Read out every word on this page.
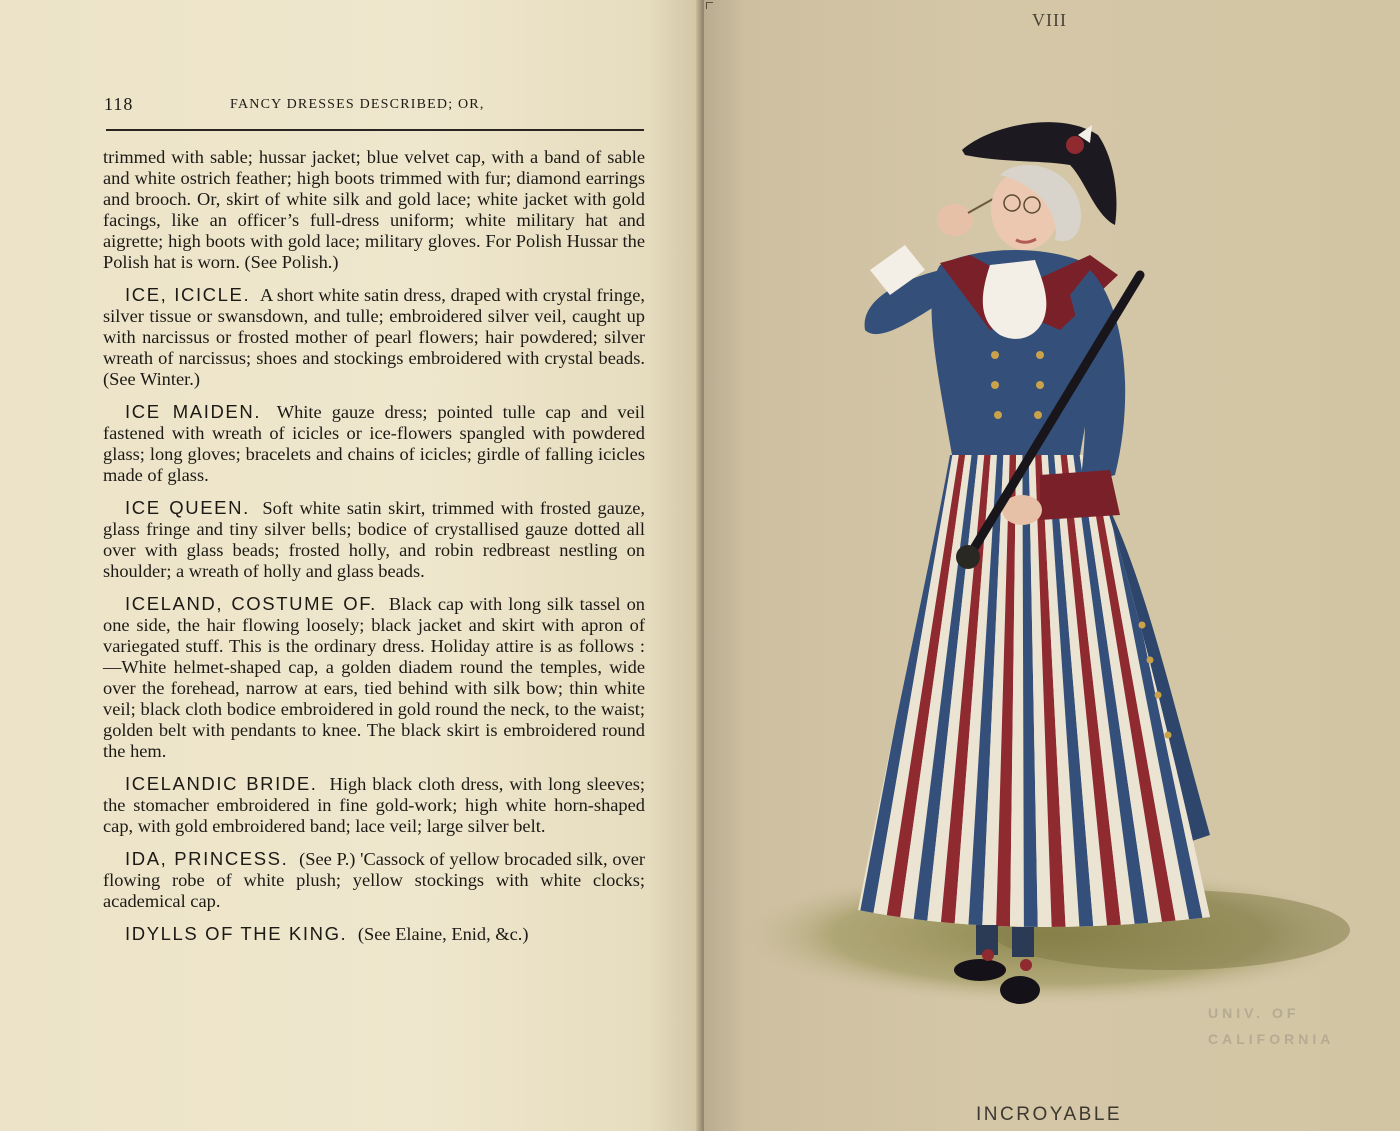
118	FANCY DRESSES DESCRIBED; OR,

trimmed with sable; hussar jacket; blue velvet cap, with a band of sable and white ostrich feather; high boots trimmed with fur; diamond earrings and brooch. Or, skirt of white silk and gold lace; white jacket with gold facings, like an officer’s full-dress uniform; white military hat and aigrette; high boots with gold lace; military gloves. For Polish Hussar the Polish hat is worn. (See Polish.)

ICE, ICICLE. A short white satin dress, draped with crystal fringe, silver tissue or swansdown, and tulle; embroidered silver veil, caught up with narcissus or frosted mother of pearl flowers; hair powdered; silver wreath of narcissus; shoes and stockings embroidered with crystal beads. (See Winter.)

ICE MAIDEN. White gauze dress; pointed tulle cap and veil fastened with wreath of icicles or ice-flowers spangled with powdered glass; long gloves; bracelets and chains of icicles; girdle of falling icicles made of glass.

ICE QUEEN. Soft white satin skirt, trimmed with frosted gauze, glass fringe and tiny silver bells; bodice of crystallised gauze dotted all over with glass beads; frosted holly, and robin redbreast nestling on shoulder; a wreath of holly and glass beads.

ICELAND, COSTUME OF. Black cap with long silk tassel on one side, the hair flowing loosely; black jacket and skirt with apron of variegated stuff. This is the ordinary dress. Holiday attire is as follows :—White helmet-shaped cap, a golden diadem round the temples, wide over the forehead, narrow at ears, tied behind with silk bow; thin white veil; black cloth bodice embroidered in gold round the neck, to the waist; golden belt with pendants to knee. The black skirt is embroidered round the hem.

ICELANDIC BRIDE. High black cloth dress, with long sleeves; the stomacher embroidered in fine gold-work; high white horn-shaped cap, with gold embroidered band; lace veil; large silver belt.

IDA, PRINCESS. (See P.) 'Cassock of yellow brocaded silk, over flowing robe of white plush; yellow stockings with white clocks; academical cap.

IDYLLS OF THE KING. (See Elaine, Enid, &c.)

VIII
UNIV. OF
CALIFORNIA
INCROYABLE
